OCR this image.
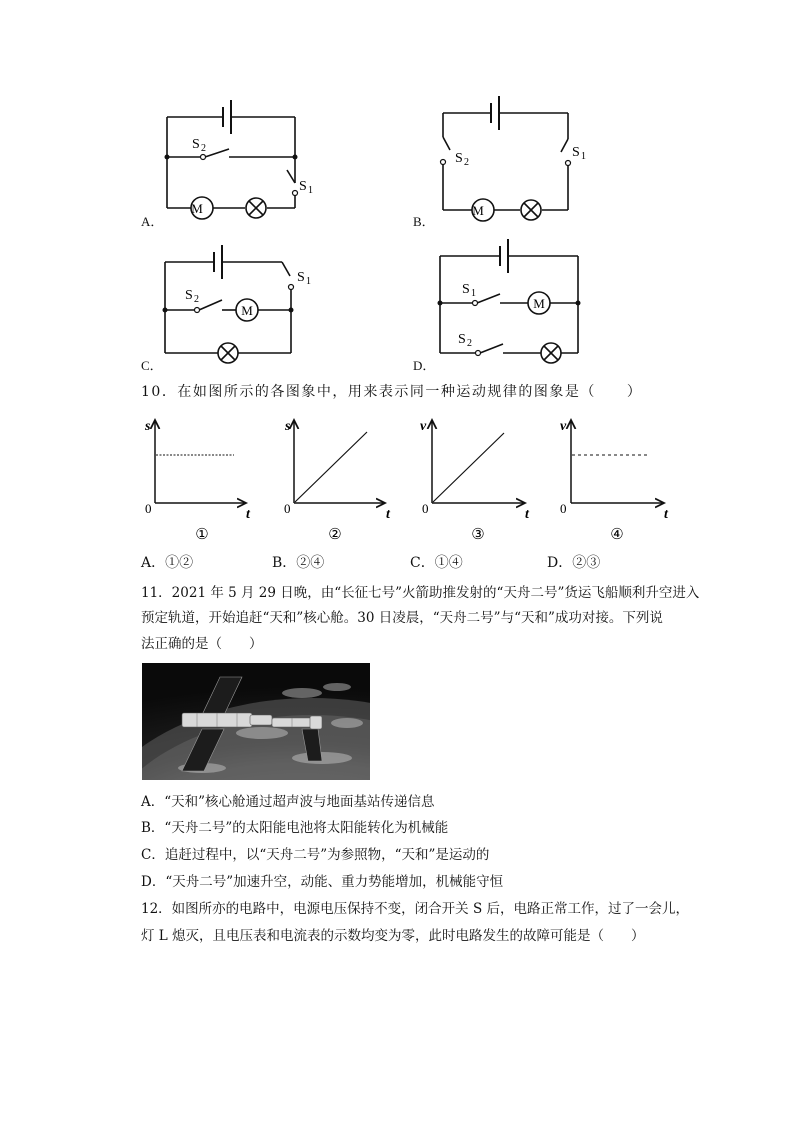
M
S 2
S 1
A．
M
S 2
S 1
B．
M
S 2
S 1
C．
M
S 1
S 2
D．
10．在如图所示的各图象中，用来表示同一种运动规律的图象是（　　）
s
t
0
①
s
t
0
②
v
t
0
③
v
t
0
④
A．①②	B．②④	C．①④	D．②③
11．2021 年 5 月 29 日晚，由“长征七号”火箭助推发射的“天舟二号”货运飞船顺利升空进入
预定轨道，开始追赶“天和”核心舱。30 日凌晨，“天舟二号”与“天和”成功对接。下列说
法正确的是（　　）
A．“天和”核心舱通过超声波与地面基站传递信息
B．“天舟二号”的太阳能电池将太阳能转化为机械能
C．追赶过程中，以“天舟二号”为参照物，“天和”是运动的
D．“天舟二号”加速升空，动能、重力势能增加，机械能守恒
12．如图所亦的电路中，电源电压保持不变，闭合开关 S 后，电路正常工作，过了一会儿，
灯 L 熄灭，且电压表和电流表的示数均变为零，此时电路发生的故障可能是（　　）
